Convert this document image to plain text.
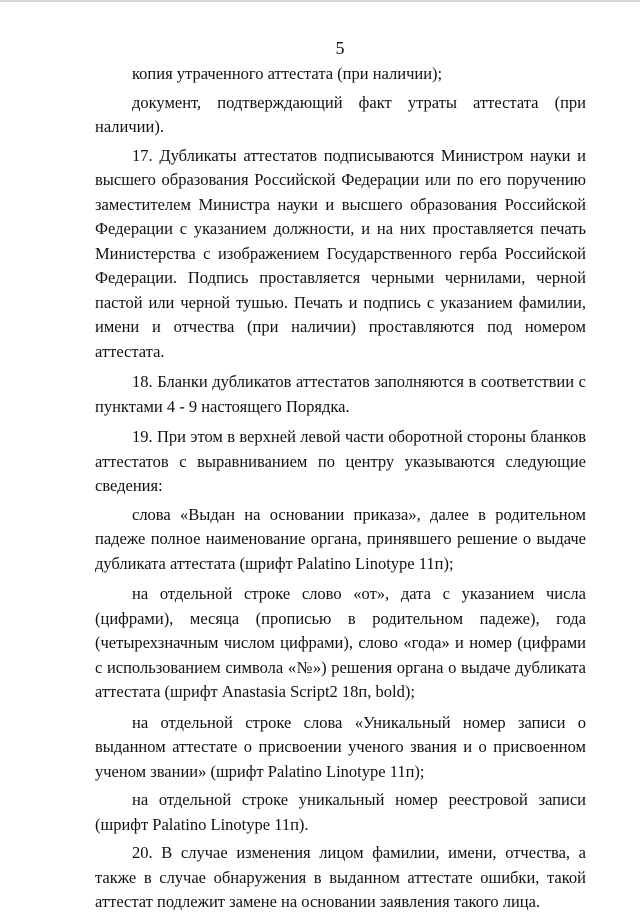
5

копия утраченного аттестата (при наличии);

документ, подтверждающий факт утраты аттестата (при наличии).

17. Дубликаты аттестатов подписываются Министром науки и высшего образования Российской Федерации или по его поручению заместителем Министра науки и высшего образования Российской Федерации с указанием должности, и на них проставляется печать Министерства с изображением Государственного герба Российской Федерации. Подпись проставляется черными чернилами, черной пастой или черной тушью. Печать и подпись с указанием фамилии, имени и отчества (при наличии) проставляются под номером аттестата.

18. Бланки дубликатов аттестатов заполняются в соответствии с пунктами 4 - 9 настоящего Порядка.

19. При этом в верхней левой части оборотной стороны бланков аттестатов с выравниванием по центру указываются следующие сведения:

слова «Выдан на основании приказа», далее в родительном падеже полное наименование органа, принявшего решение о выдаче дубликата аттестата (шрифт Palatino Linotype 11п);

на отдельной строке слово «от», дата с указанием числа (цифрами), месяца (прописью в родительном падеже), года (четырехзначным числом цифрами), слово «года» и номер (цифрами с использованием символа «№») решения органа о выдаче дубликата аттестата (шрифт Anastasia Script2 18п, bold);

на отдельной строке слова «Уникальный номер записи о выданном аттестате о присвоении ученого звания и о присвоенном ученом звании» (шрифт Palatino Linotype 11п);

на отдельной строке уникальный номер реестровой записи (шрифт Palatino Linotype 11п).

20. В случае изменения лицом фамилии, имени, отчества, а также в случае обнаружения в выданном аттестате ошибки, такой аттестат подлежит замене на основании заявления такого лица.
